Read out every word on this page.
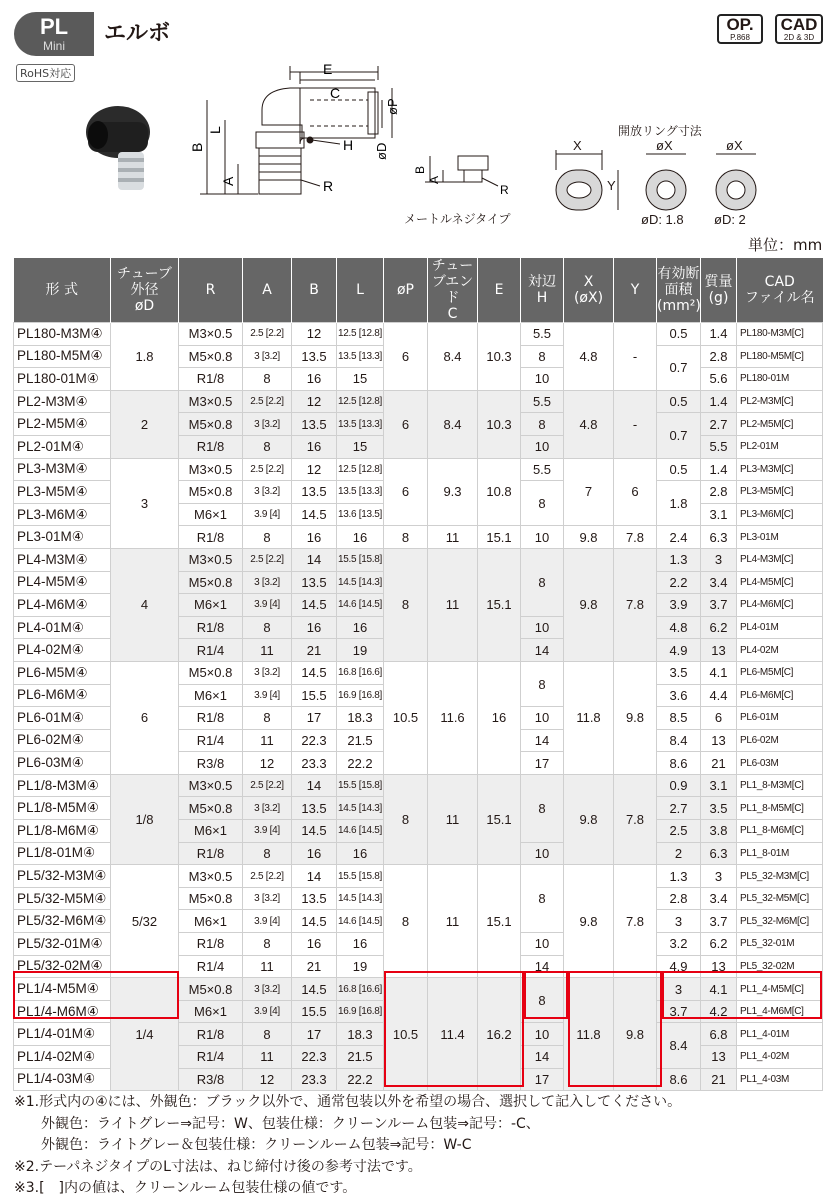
PL
Mini	エルボ	OP.
P.868
CAD
2D & 3D
RoHS対応	E
C
øP
øD
H
B
L
A	R
B
A
R
メートルネジタイプ
開放リング寸法
X
Y
øX	øX
øD: 1.8 øD: 2
単位：mm
形 式	チューブ外径
øD	R	A	B	L	øP	チューブエンド
C	E	対辺
H	X
(øX)	Y	有効断面積
(mm²)	質量
(g)	CAD
ファイル名
PL180-M3M④	1.8	M3×0.5	2.5 [2.2]	12	12.5 [12.8]	6	8.4	10.3	5.5	4.8	-	0.5	1.4	PL180-M3M[C]
PL180-M5M④		M5×0.8	3 [3.2]	13.5	13.5 [13.3]				8			0.7	2.8	PL180-M5M[C]
PL180-01M④		R1/8	8	16	15				10				5.6	PL180-01M
PL2-M3M④	2	M3×0.5	2.5 [2.2]	12	12.5 [12.8]	6	8.4	10.3	5.5	4.8	-	0.5	1.4	PL2-M3M[C]
PL2-M5M④		M5×0.8	3 [3.2]	13.5	13.5 [13.3]				8			0.7	2.7	PL2-M5M[C]
PL2-01M④		R1/8	8	16	15				10				5.5	PL2-01M
PL3-M3M④	3	M3×0.5	2.5 [2.2]	12	12.5 [12.8]	6	9.3	10.8	5.5	7	6	0.5	1.4	PL3-M3M[C]
PL3-M5M④		M5×0.8	3 [3.2]	13.5	13.5 [13.3]				8			1.8	2.8	PL3-M5M[C]
PL3-M6M④		M6×1	3.9 [4]	14.5	13.6 [13.5]								3.1	PL3-M6M[C]
PL3-01M④		R1/8	8	16	16	8	11	15.1	10	9.8	7.8	2.4	6.3	PL3-01M
PL4-M3M④	4	M3×0.5	2.5 [2.2]	14	15.5 [15.8]	8	11	15.1	8	9.8	7.8	1.3	3	PL4-M3M[C]
PL4-M5M④		M5×0.8	3 [3.2]	13.5	14.5 [14.3]							2.2	3.4	PL4-M5M[C]
PL4-M6M④		M6×1	3.9 [4]	14.5	14.6 [14.5]							3.9	3.7	PL4-M6M[C]
PL4-01M④		R1/8	8	16	16				10			4.8	6.2	PL4-01M
PL4-02M④		R1/4	11	21	19				14			4.9	13	PL4-02M
PL6-M5M④	6	M5×0.8	3 [3.2]	14.5	16.8 [16.6]	10.5	11.6	16	8	11.8	9.8	3.5	4.1	PL6-M5M[C]
PL6-M6M④		M6×1	3.9 [4]	15.5	16.9 [16.8]							3.6	4.4	PL6-M6M[C]
PL6-01M④		R1/8	8	17	18.3				10			8.5	6	PL6-01M
PL6-02M④		R1/4	11	22.3	21.5				14			8.4	13	PL6-02M
PL6-03M④		R3/8	12	23.3	22.2				17			8.6	21	PL6-03M
PL1/8-M3M④	1/8	M3×0.5	2.5 [2.2]	14	15.5 [15.8]	8	11	15.1	8	9.8	7.8	0.9	3.1	PL1_8-M3M[C]
PL1/8-M5M④		M5×0.8	3 [3.2]	13.5	14.5 [14.3]							2.7	3.5	PL1_8-M5M[C]
PL1/8-M6M④		M6×1	3.9 [4]	14.5	14.6 [14.5]							2.5	3.8	PL1_8-M6M[C]
PL1/8-01M④		R1/8	8	16	16				10			2	6.3	PL1_8-01M
PL5/32-M3M④	5/32	M3×0.5	2.5 [2.2]	14	15.5 [15.8]	8	11	15.1	8	9.8	7.8	1.3	3	PL5_32-M3M[C]
PL5/32-M5M④		M5×0.8	3 [3.2]	13.5	14.5 [14.3]							2.8	3.4	PL5_32-M5M[C]
PL5/32-M6M④		M6×1	3.9 [4]	14.5	14.6 [14.5]							3	3.7	PL5_32-M6M[C]
PL5/32-01M④		R1/8	8	16	16				10			3.2	6.2	PL5_32-01M
PL5/32-02M④		R1/4	11	21	19				14			4.9	13	PL5_32-02M
PL1/4-M5M④	1/4	M5×0.8	3 [3.2]	14.5	16.8 [16.6]	10.5	11.4	16.2	8	11.8	9.8	3	4.1	PL1_4-M5M[C]
PL1/4-M6M④		M6×1	3.9 [4]	15.5	16.9 [16.8]							3.7	4.2	PL1_4-M6M[C]
PL1/4-01M④		R1/8	8	17	18.3				10			8.4	6.8	PL1_4-01M
PL1/4-02M④		R1/4	11	22.3	21.5				14				13	PL1_4-02M
PL1/4-03M④		R3/8	12	23.3	22.2				17			8.6	21	PL1_4-03M

※1.形式内の④には、外観色：ブラック以外で、通常包装以外を希望の場合、選択して記入してください。

外観色：ライトグレー⇒記号：W、包装仕様：クリーンルーム包装⇒記号：-C、

外観色：ライトグレー＆包装仕様：クリーンルーム包装⇒記号：W-C

※2.テーパネジタイプのL寸法は、ねじ締付け後の参考寸法です。

※3.[　]内の値は、クリーンルーム包装仕様の値です。
